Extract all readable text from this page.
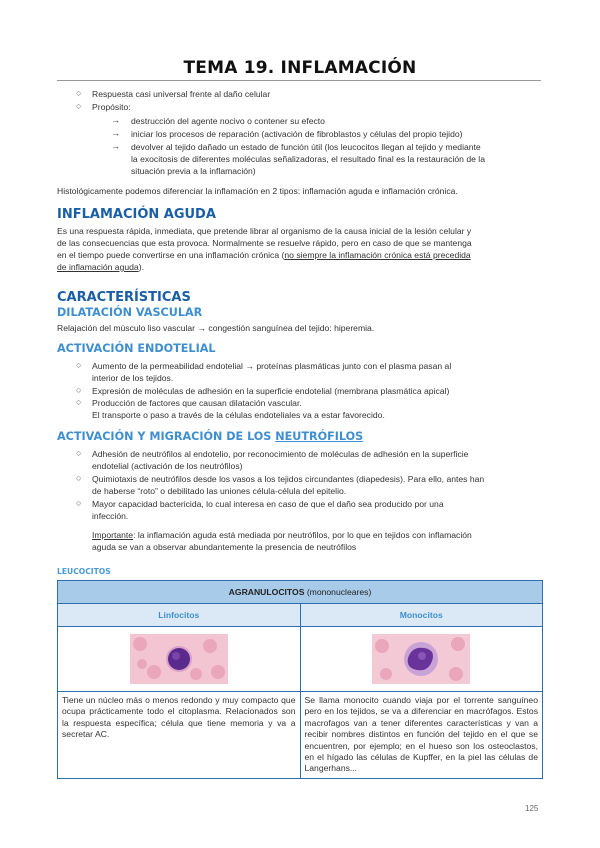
TEMA 19. INFLAMACIÓN
○ Respuesta casi universal frente al daño celular
○ Propósito:
→ destrucción del agente nocivo o contener su efecto
→ iniciar los procesos de reparación (activación de fibroblastos y células del propio tejido)
→ devolver al tejido dañado un estado de función útil (los leucocitos llegan al tejido y mediante
la exocitosis de diferentes moléculas señalizadoras, el resultado final es la restauración de la
situación previa a la inflamación)
Histológicamente podemos diferenciar la inflamación en 2 tipos: inflamación aguda e inflamación crónica.
INFLAMACIÓN AGUDA
Es una respuesta rápida, inmediata, que pretende librar al organismo de la causa inicial de la lesión celular y
de las consecuencias que esta provoca. Normalmente se resuelve rápido, pero en caso de que se mantenga
en el tiempo puede convertirse en una inflamación crónica (no siempre la inflamación crónica está precedida
de inflamación aguda).
CARACTERÍSTICAS
DILATACIÓN VASCULAR
Relajación del músculo liso vascular → congestión sanguínea del tejido: hiperemia.
ACTIVACIÓN ENDOTELIAL
○ Aumento de la permeabilidad endotelial → proteínas plasmáticas junto con el plasma pasan al
interior de los tejidos.
○ Expresión de moléculas de adhesión en la superficie endotelial (membrana plasmática apical)
○ Producción de factores que causan dilatación vascular.
El transporte o paso a través de la células endoteliales va a estar favorecido.
ACTIVACIÓN Y MIGRACIÓN DE LOS NEUTRÓFILOS
○ Adhesión de neutrófilos al endotelio, por reconocimiento de moléculas de adhesión en la superficie
endotelial (activación de los neutrófilos)
○ Quimiotaxis de neutrófilos desde los vasos a los tejidos circundantes (diapedesis). Para ello, antes han
de haberse “roto” o debilitado las uniones célula-célula del epitelio.
○ Mayor capacidad bactericida, lo cual interesa en caso de que el daño sea producido por una
infección.
Importante: la inflamación aguda está mediada por neutrófilos, por lo que en tejidos con inflamación
aguda se van a observar abundantemente la presencia de neutrófilos
LEUCOCITOS
AGRANULOCITOS (mononucleares)	
Linfocitos	Monocitos

Tiene un núcleo más o menos redondo y muy compacto que ocupa prácticamente todo el citoplasma. Relacionados son la respuesta específica; célula que tiene memoria y va a secretar AC.	Se llama monocito cuando viaja por el torrente sanguíneo pero en los tejidos, se va a diferenciar en macrófagos. Estos macrofagos van a tener diferentes características y van a recibir nombres distintos en función del tejido en el que se encuentren, por ejemplo; en el hueso son los osteoclastos, en el hígado las células de Kupffer, en la piel las células de Langerhans...
125
